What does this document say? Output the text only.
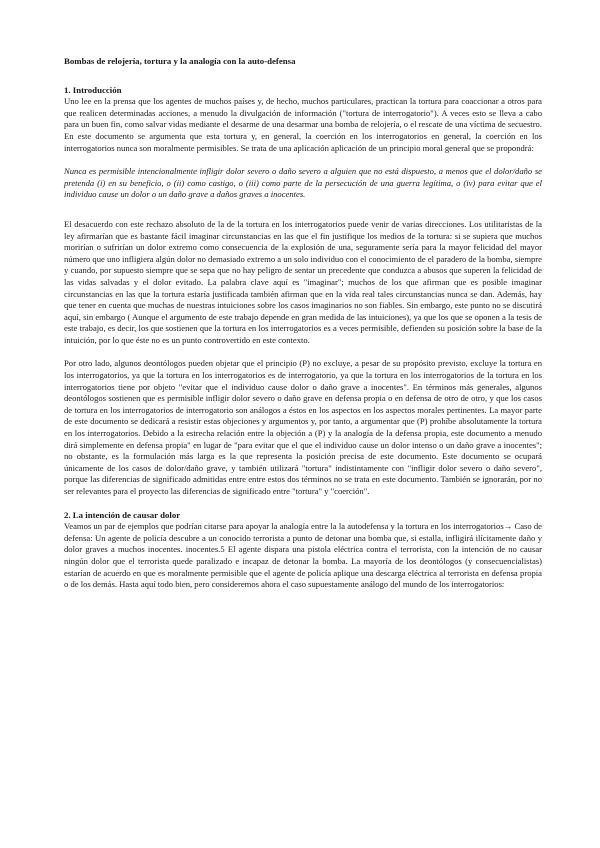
Bombas de relojería, tortura y la analogía con la auto-defensa
1. Introducción

Uno lee en la prensa que los agentes de muchos países y, de hecho, muchos particulares, practican la tortura para coaccionar a otros para que realicen determinadas acciones, a menudo la divulgación de información ("tortura de interrogatorio"). A veces esto se lleva a cabo para un buen fin, como salvar vidas mediante el desarme de una desarmar una bomba de relojería, o el rescate de una víctima de secuestro. En este documento se argumenta que esta tortura y, en general, la coerción en los interrogatorios en general, la coerción en los interrogatorios nunca son moralmente permisibles. Se trata de una aplicación aplicación de un principio moral general que se propondrá:

Nunca es permisible intencionalmente infligir dolor severo o daño severo a alguien que no está dispuesto, a menos que el dolor/daño se pretenda (i) en su beneficio, o (ii) como castigo, o (iii) como parte de la persecución de una guerra legítima, o (iv) para evitar que el individuo cause un dolor o un daño grave a daños graves a inocentes.

El desacuerdo con este rechazo absoluto de la de la tortura en los interrogatorios puede venir de varias direcciones. Los utilitaristas de la ley afirmarían que es bastante fácil imaginar circunstancias en las que el fin justifique los medios de la tortura: si se supiera que muchos morirían o sufrirían un dolor extremo como consecuencia de la explosión de una, seguramente sería para la mayor felicidad del mayor número que uno infligiera algún dolor no demasiado extremo a un solo individuo con el conocimiento de el paradero de la bomba, siempre y cuando, por supuesto siempre que se sepa que no hay peligro de sentar un precedente que conduzca a abusos que superen la felicidad de las vidas salvadas y el dolor evitado. La palabra clave aquí es "imaginar"; muchos de los que afirman que es posible imaginar circunstancias en las que la tortura estaría justificada también afirman que en la vida real tales circunstancias nunca se dan. Además, hay que tener en cuenta que muchas de nuestras intuiciones sobre los casos imaginarios no son fiables. Sin embargo, este punto no se discutirá aquí, sin embargo ( Aunque el argumento de este trabajo depende en gran medida de las intuiciones), ya que los que se oponen a la tesis de este trabajo, es decir, los que sostienen que la tortura en los interrogatorios es a veces permisible, defienden su posición sobre la base de la intuición, por lo que éste no es un punto controvertido en este contexto.

Por otro lado, algunos deontólogos pueden objetar que el principio (P) no excluye, a pesar de su propósito previsto, excluye la tortura en los interrogatorios, ya que la tortura en los interrogatorios es de interrogatorio, ya que la tortura en los interrogatorios de la tortura en los interrogatorios tiene por objeto "evitar que el individuo cause dolor o daño grave a inocentes". En términos más generales, algunos deontólogos sostienen que es permisible infligir dolor severo o daño grave en defensa propia o en defensa de otro de otro, y que los casos de tortura en los interrogatorios de interrogatorio son análogos a éstos en los aspectos en los aspectos morales pertinentes. La mayor parte de este documento se dedicará a resistir estas objeciones y argumentos y, por tanto, a argumentar que (P) prohíbe absolutamente la tortura en los interrogatorios. Debido a la estrecha relación entre la objeción a (P) y la analogía de la defensa propia, este documento a menudo dirá simplemente en defensa propia" en lugar de "para evitar que el que el individuo cause un dolor intenso o un daño grave a inocentes"; no obstante, es la formulación más larga es la que representa la posición precisa de este documento. Este documento se ocupará únicamente de los casos de dolor/daño grave, y también utilizará "tortura" indistintamente con "infligir dolor severo o daño severo", porque las diferencias de significado admitidas entre entre estos dos términos no se trata en este documento. También se ignorarán, por no ser relevantes para el proyecto las diferencias de significado entre "tortura" y "coerción".

2. La intención de causar dolor

Veamos un par de ejemplos que podrían citarse para apoyar la analogía entre la la autodefensa y la tortura en los interrogatorios→ Caso de defensa: Un agente de policía descubre a un conocido terrorista a punto de detonar una bomba que, si estalla, infligirá ilícitamente daño y dolor graves a muchos inocentes. inocentes.5 El agente dispara una pistola eléctrica contra el terrorista, con la intención de no causar ningún dolor que el terrorista quede paralizado e incapaz de detonar la bomba. La mayoría de los deontólogos (y consecuencialistas) estarían de acuerdo en que es moralmente permisible que el agente de policía aplique una descarga eléctrica al terrorista en defensa propia o de los demás. Hasta aquí todo bien, pero consideremos ahora el caso supuestamente análogo del mundo de los interrogatorios:
